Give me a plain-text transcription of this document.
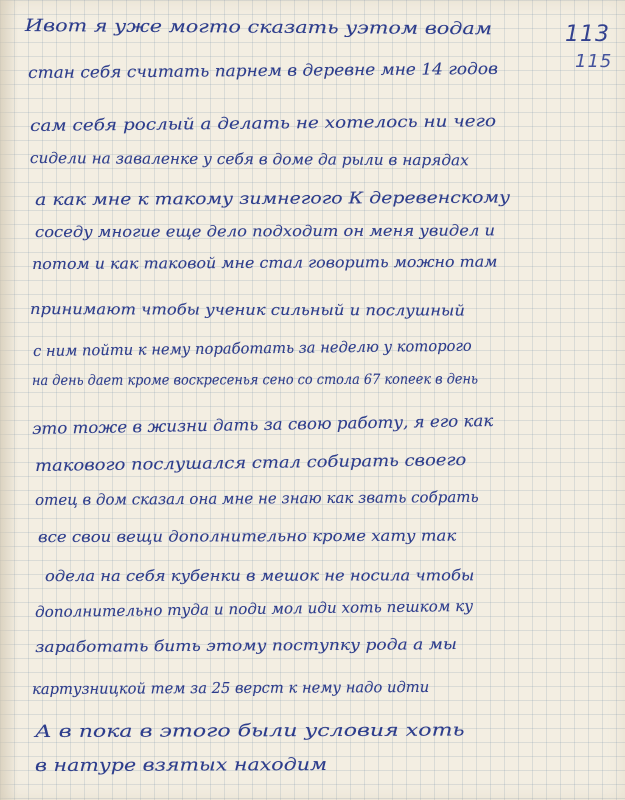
113
115

Ивот я уже могто сказать уэтом водам

стан себя считать парнем в деревне мне 14 годов

сам себя рослый а делать не хотелось ни чего

сидели на заваленке у себя в доме да рыли в нарядах

а как мне к такому зимнегого К деревенскому

соседу многие еще дело подходит он меня увидел и

потом и как таковой мне стал говорить можно там

принимают чтобы ученик сильный и послушный

с ним пойти к нему поработать за неделю у которого

на день дает кроме воскресенья сено со стола 67 копеек в день

это тоже в жизни дать за свою работу, я его как

такового послушался стал собирать своего

отец в дом сказал она мне не знаю как звать собрать

все свои вещи дополнительно кроме хату так

одела на себя кубенки в мешок не носила чтобы

дополнительно туда и поди мол иди хоть пешком ку

заработать бить этому поступку рода а мы

картузницкой тем за 25 верст к нему надо идти

А в пока в этого были условия хоть

в натуре взятых находим
